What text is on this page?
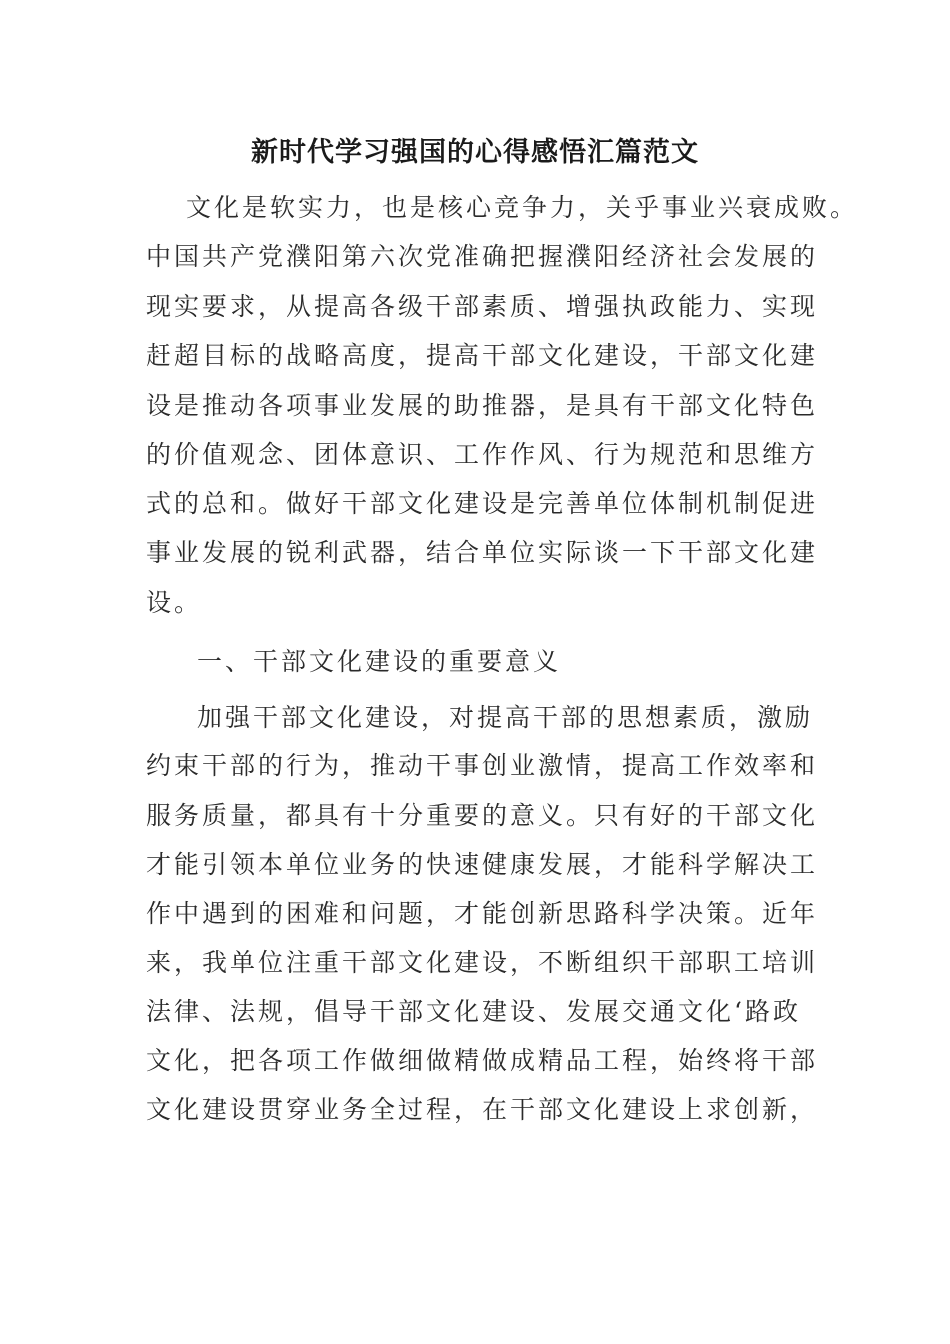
新时代学习强国的心得感悟汇篇范文
文化是软实力，也是核心竞争力，关乎事业兴衰成败。
中国共产党濮阳第六次党准确把握濮阳经济社会发展的
现实要求，从提高各级干部素质、增强执政能力、实现
赶超目标的战略高度，提高干部文化建设，干部文化建
设是推动各项事业发展的助推器，是具有干部文化特色
的价值观念、团体意识、工作作风、行为规范和思维方
式的总和。做好干部文化建设是完善单位体制机制促进
事业发展的锐利武器，结合单位实际谈一下干部文化建
设。
一、干部文化建设的重要意义
加强干部文化建设，对提高干部的思想素质，激励
约束干部的行为，推动干事创业激情，提高工作效率和
服务质量，都具有十分重要的意义。只有好的干部文化
才能引领本单位业务的快速健康发展，才能科学解决工
作中遇到的困难和问题，才能创新思路科学决策。近年
来，我单位注重干部文化建设，不断组织干部职工培训
法律、法规，倡导干部文化建设、发展交通文化‘路政
文化，把各项工作做细做精做成精品工程，始终将干部
文化建设贯穿业务全过程，在干部文化建设上求创新，
